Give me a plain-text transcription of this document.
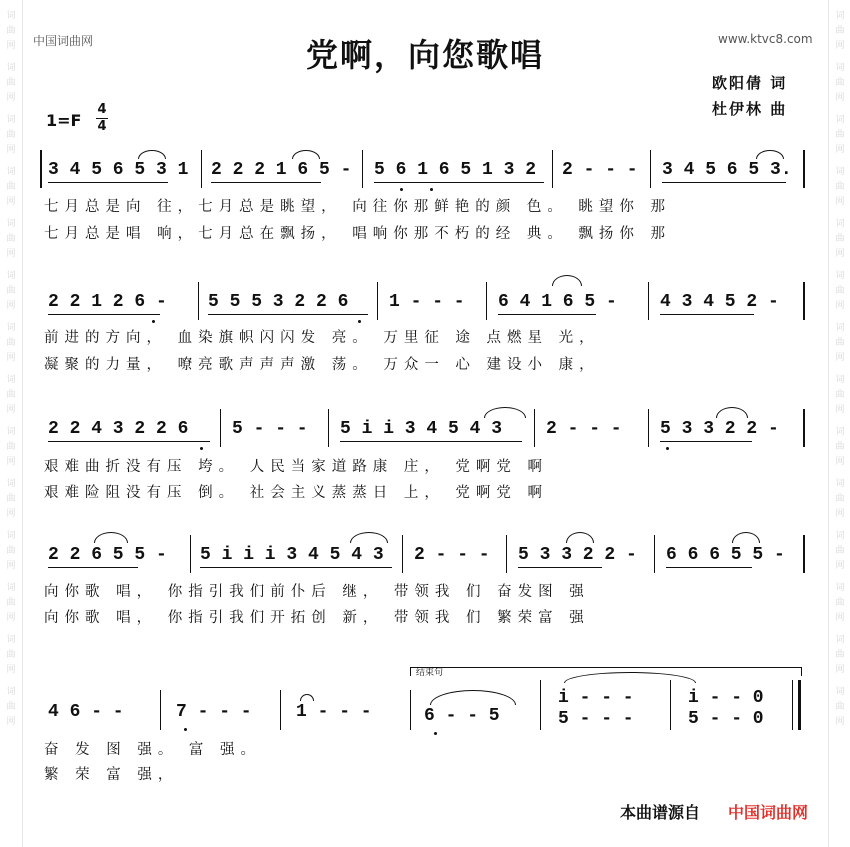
词
曲
网
词
曲
网
词
曲
网
词
曲
网
词
曲
网
词
曲
网
词
曲
网
词
曲
网
词
曲
网
词
曲
网
词
曲
网
词
曲
网
词
曲
网
词
曲
网
词
曲
网
词
曲
网
词
曲
网
词
曲
网
词
曲
网
词
曲
网
词
曲
网
词
曲
网
词
曲
网
词
曲
网
词
曲
网
词
曲
网
词
曲
网
词
曲
网
中国词曲网	www.ktvc8.com
党啊，向您歌唱
欧阳倩 词
杜伊林 曲
1=F
4
4
3 4 5 6 5 3 1 2 2 2 1 6 5 - 5 6 1 6 5 1 3 2 2 - - - 3 4 5 6 5 3.
七月总是向 往，七月总是眺望， 向往你那鲜艳的颜 色。 眺望你 那
七月总是唱 响，七月总在飘扬， 唱响你那不朽的经 典。 飘扬你 那
2 2 1 2 6 - 5 5 5 3 2 2 6 1 - - - 6 4 1 6 5 - 4 3 4 5 2 -
前进的方向， 血染旗帜闪闪发 亮。 万里征 途 点燃星 光，
凝聚的力量， 嘹亮歌声声声激 荡。 万众一 心 建设小 康，
2 2 4 3 2 2 6 5 - - - 5 i i 3 4 5 4 3 2 - - - 5 3 3 2 2 -
艰难曲折没有压 垮。 人民当家道路康 庄， 党啊党 啊
艰难险阻没有压 倒。 社会主义蒸蒸日 上， 党啊党 啊
2 2 6 5 5 - 5 i i i 3 4 5 4 3 2 - - - 5 3 3 2 2 - 6 6 6 5 5 -
向你歌 唱， 你指引我们前仆后 继， 带领我 们 奋发图 强
向你歌 唱， 你指引我们开拓创 新， 带领我 们 繁荣富 强
结束句
4 6 - -	7 - - - 1 - - -	6 - - 5
i - - -
5 - - -
i - - 0
5 - - 0
奋 发 图 强。 富 强。
繁 荣 富 强，
本曲谱源自 中国词曲网
